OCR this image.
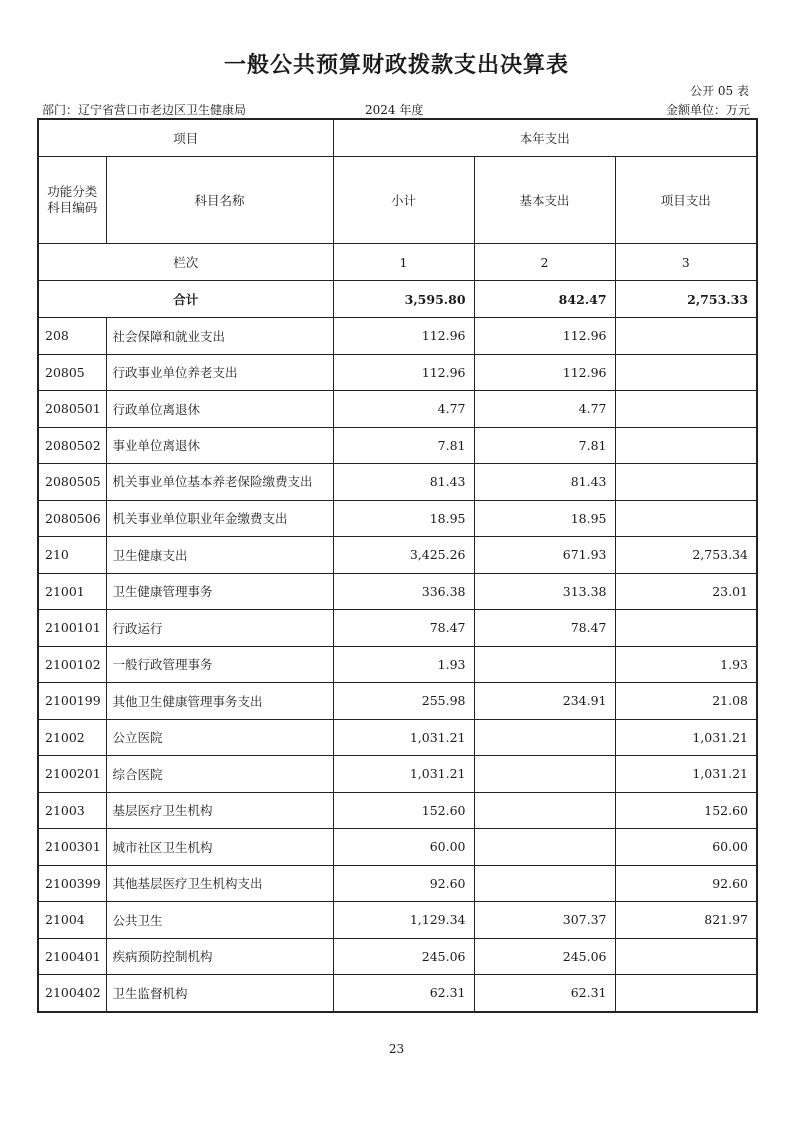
一般公共预算财政拨款支出决算表
公开 05 表
部门：辽宁省营口市老边区卫生健康局	2024 年度	金额单位：万元
项目		本年支出		
功能分类科目编码	科目名称	小计	基本支出	项目支出
栏次		1	2	3
合计		3,595.80	842.47	2,753.33
208	社会保障和就业支出	112.96	112.96	
20805	行政事业单位养老支出	112.96	112.96	
2080501	行政单位离退休	4.77	4.77	
2080502	事业单位离退休	7.81	7.81	
2080505	机关事业单位基本养老保险缴费支出	81.43	81.43	
2080506	机关事业单位职业年金缴费支出	18.95	18.95	
210	卫生健康支出	3,425.26	671.93	2,753.34
21001	卫生健康管理事务	336.38	313.38	23.01
2100101	行政运行	78.47	78.47	
2100102	一般行政管理事务	1.93		1.93
2100199	其他卫生健康管理事务支出	255.98	234.91	21.08
21002	公立医院	1,031.21		1,031.21
2100201	综合医院	1,031.21		1,031.21
21003	基层医疗卫生机构	152.60		152.60
2100301	城市社区卫生机构	60.00		60.00
2100399	其他基层医疗卫生机构支出	92.60		92.60
21004	公共卫生	1,129.34	307.37	821.97
2100401	疾病预防控制机构	245.06	245.06	
2100402	卫生监督机构	62.31	62.31	
23
